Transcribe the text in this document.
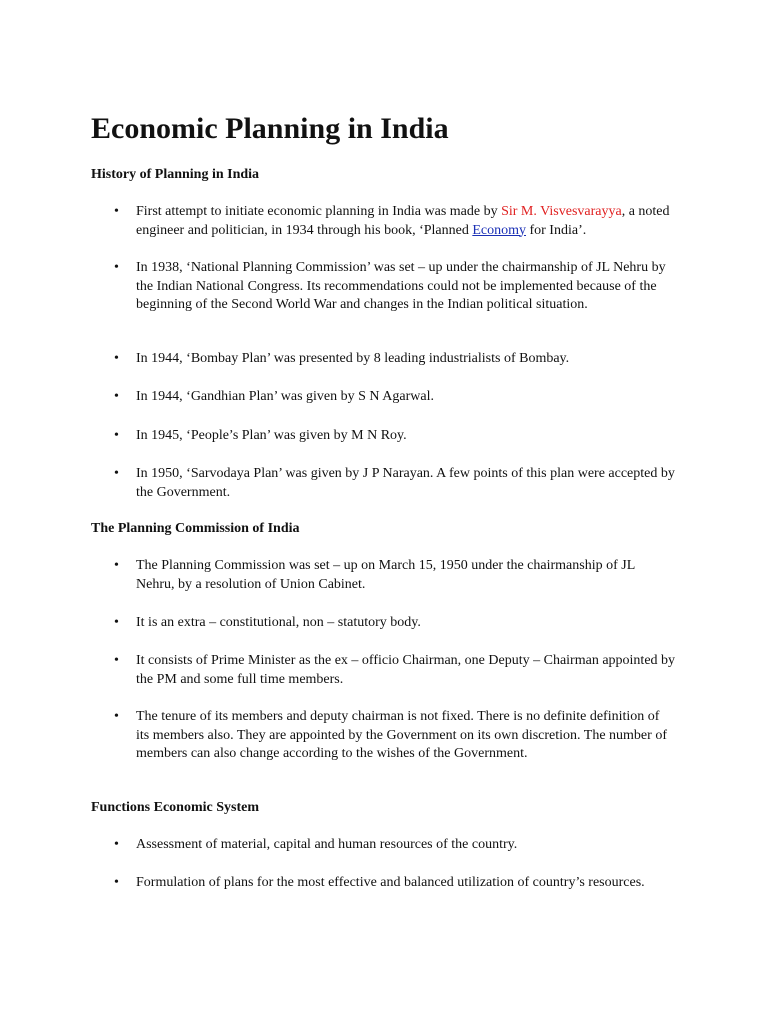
Economic Planning in India

History of Planning in India

• First attempt to initiate economic planning in India was made by Sir M. Visvesvarayya, a noted engineer and politician, in 1934 through his book, ‘Planned Economy for India’.

• In 1938, ‘National Planning Commission’ was set – up under the chairmanship of JL Nehru by the Indian National Congress. Its recommendations could not be implemented because of the beginning of the Second World War and changes in the Indian political situation.

• In 1944, ‘Bombay Plan’ was presented by 8 leading industrialists of Bombay.

• In 1944, ‘Gandhian Plan’ was given by S N Agarwal.

• In 1945, ‘People’s Plan’ was given by M N Roy.

• In 1950, ‘Sarvodaya Plan’ was given by J P Narayan. A few points of this plan were accepted by the Government.

The Planning Commission of India

• The Planning Commission was set – up on March 15, 1950 under the chairmanship of JL Nehru, by a resolution of Union Cabinet.

• It is an extra – constitutional, non – statutory body.

• It consists of Prime Minister as the ex – officio Chairman, one Deputy – Chairman appointed by the PM and some full time members.

• The tenure of its members and deputy chairman is not fixed. There is no definite definition of its members also. They are appointed by the Government on its own discretion. The number of members can also change according to the wishes of the Government.

Functions Economic System

• Assessment of material, capital and human resources of the country.

• Formulation of plans for the most effective and balanced utilization of country’s resources.
